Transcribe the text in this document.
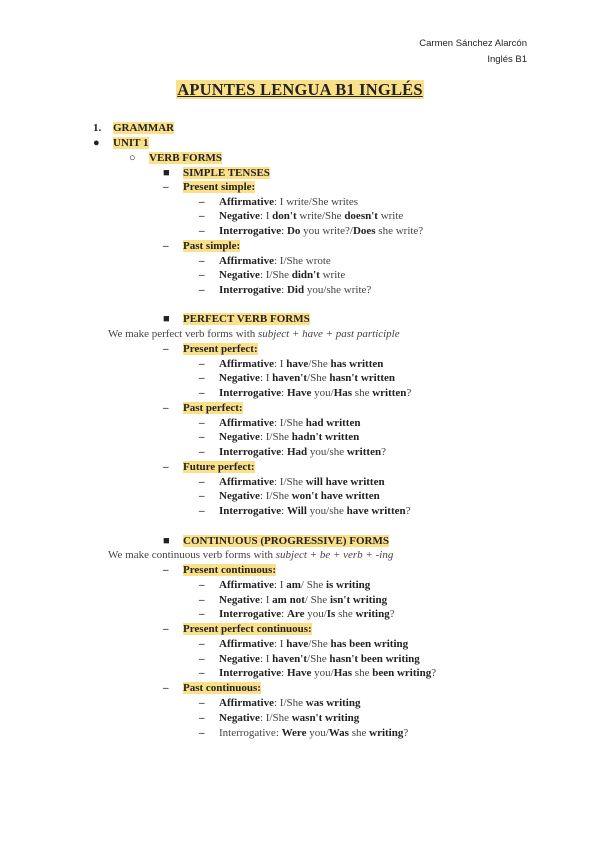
Carmen Sánchez Alarcón
Inglés B1
APUNTES LENGUA B1 INGLÉS
1. GRAMMAR
● UNIT 1
○ VERB FORMS
■ SIMPLE TENSES
– Present simple:
– Affirmative: I write/She writes
– Negative: I don't write/She doesn't write
– Interrogative: Do you write?/Does she write?
– Past simple:
– Affirmative: I/She wrote
– Negative: I/She didn't write
– Interrogative: Did you/she write?
■ PERFECT VERB FORMS
We make perfect verb forms with subject + have + past participle
– Present perfect:
– Affirmative: I have/She has written
– Negative: I haven't/She hasn't written
– Interrogative: Have you/Has she written?
– Past perfect:
– Affirmative: I/She had written
– Negative: I/She hadn't written
– Interrogative: Had you/she written?
– Future perfect:
– Affirmative: I/She will have written
– Negative: I/She won't have written
– Interrogative: Will you/she have written?
■ CONTINUOUS (PROGRESSIVE) FORMS
We make continuous verb forms with subject + be + verb + -ing
– Present continuous:
– Affirmative: I am/ She is writing
– Negative: I am not/ She isn't writing
– Interrogative: Are you/Is she writing?
– Present perfect continuous:
– Affirmative: I have/She has been writing
– Negative: I haven't/She hasn't been writing
– Interrogative: Have you/Has she been writing?
– Past continuous:
– Affirmative: I/She was writing
– Negative: I/She wasn't writing
– Interrogative: Were you/Was she writing?
